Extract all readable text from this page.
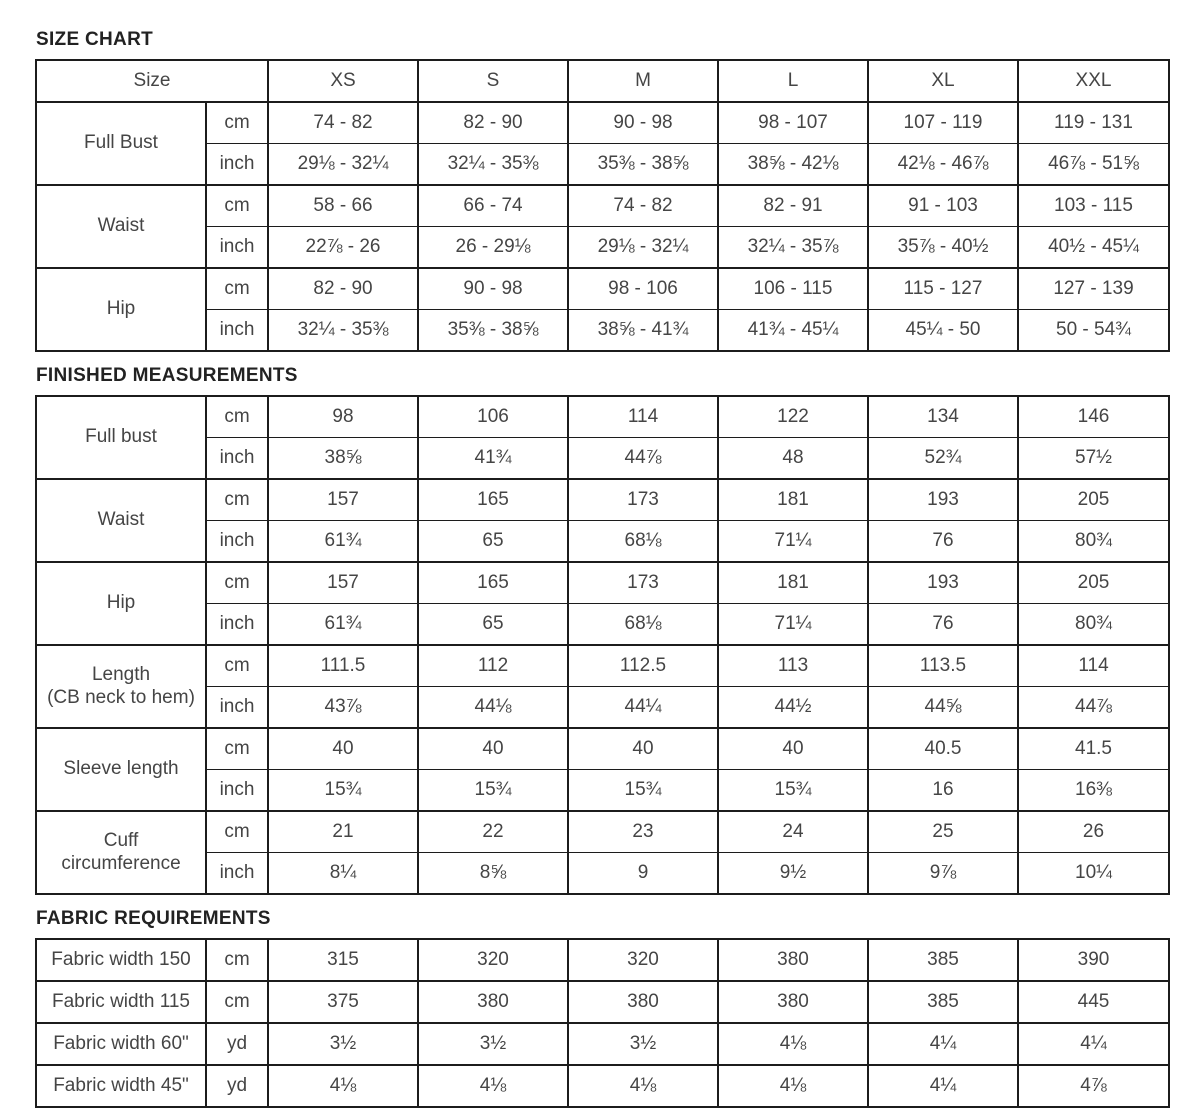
SIZE CHART
Size		XS	S	M	L	XL	XXL

Full Bust	cm	74 - 82	82 - 90	90 - 98	98 - 107	107 - 119	119 - 131
	inch	29⅛ - 32¼	32¼ - 35⅜	35⅜ - 38⅝	38⅝ - 42⅛	42⅛ - 46⅞	46⅞ - 51⅝

Waist	cm	58 - 66	66 - 74	74 - 82	82 - 91	91 - 103	103 - 115
	inch	22⅞ - 26	26 - 29⅛	29⅛ - 32¼	32¼ - 35⅞	35⅞ - 40½	40½ - 45¼

Hip	cm	82 - 90	90 - 98	98 - 106	106 - 115	115 - 127	127 - 139
	inch	32¼ - 35⅜	35⅜ - 38⅝	38⅝ - 41¾	41¾ - 45¼	45¼ - 50	50 - 54¾
FINISHED MEASUREMENTS
Full bust	cm	98	106	114	122	134	146
	inch	38⅝	41¾	44⅞	48	52¾	57½

Waist	cm	157	165	173	181	193	205
	inch	61¾	65	68⅛	71¼	76	80¾

Hip	cm	157	165	173	181	193	205
	inch	61¾	65	68⅛	71¼	76	80¾

Length
(CB neck to hem)	cm	111.5	112	112.5	113	113.5	114
	inch	43⅞	44⅛	44¼	44½	44⅝	44⅞

Sleeve length	cm	40	40	40	40	40.5	41.5
	inch	15¾	15¾	15¾	15¾	16	16⅜

Cuff
circumference	cm	21	22	23	24	25	26
	inch	8¼	8⅝	9	9½	9⅞	10¼
FABRIC REQUIREMENTS
Fabric width 150	cm	315	320	320	380	385	390
Fabric width 115	cm	375	380	380	380	385	445
Fabric width 60"	yd	3½	3½	3½	4⅛	4¼	4¼
Fabric width 45"	yd	4⅛	4⅛	4⅛	4⅛	4¼	4⅞
